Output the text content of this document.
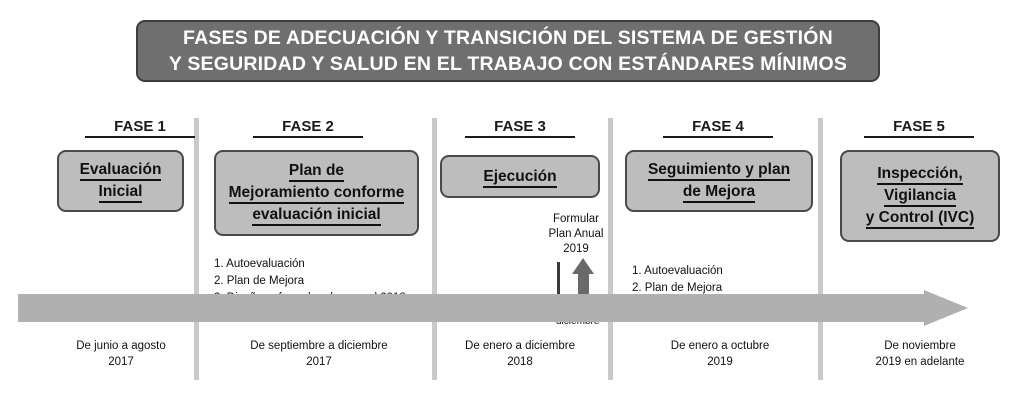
FASES DE ADECUACIÓN Y TRANSICIÓN DEL SISTEMA DE GESTIÓN
Y SEGURIDAD Y SALUD EN EL TRABAJO CON ESTÁNDARES MÍNIMOS
FASE 1
Evaluación
Inicial
De junio a agosto
2017
FASE 2
Plan de
Mejoramiento conforme
evaluación inicial
1. Autoevaluación
2. Plan de Mejora
De septiembre a diciembre
2017
FASE 3
Ejecución
Formular
Plan Anual
2019
De enero a diciembre
2018
FASE 4
Seguimiento y plan
de Mejora
1. Autoevaluación
2. Plan de Mejora
De enero a octubre
2019
FASE 5
Inspección,
Vigilancia
y Control (IVC)
De noviembre
2019 en adelante
